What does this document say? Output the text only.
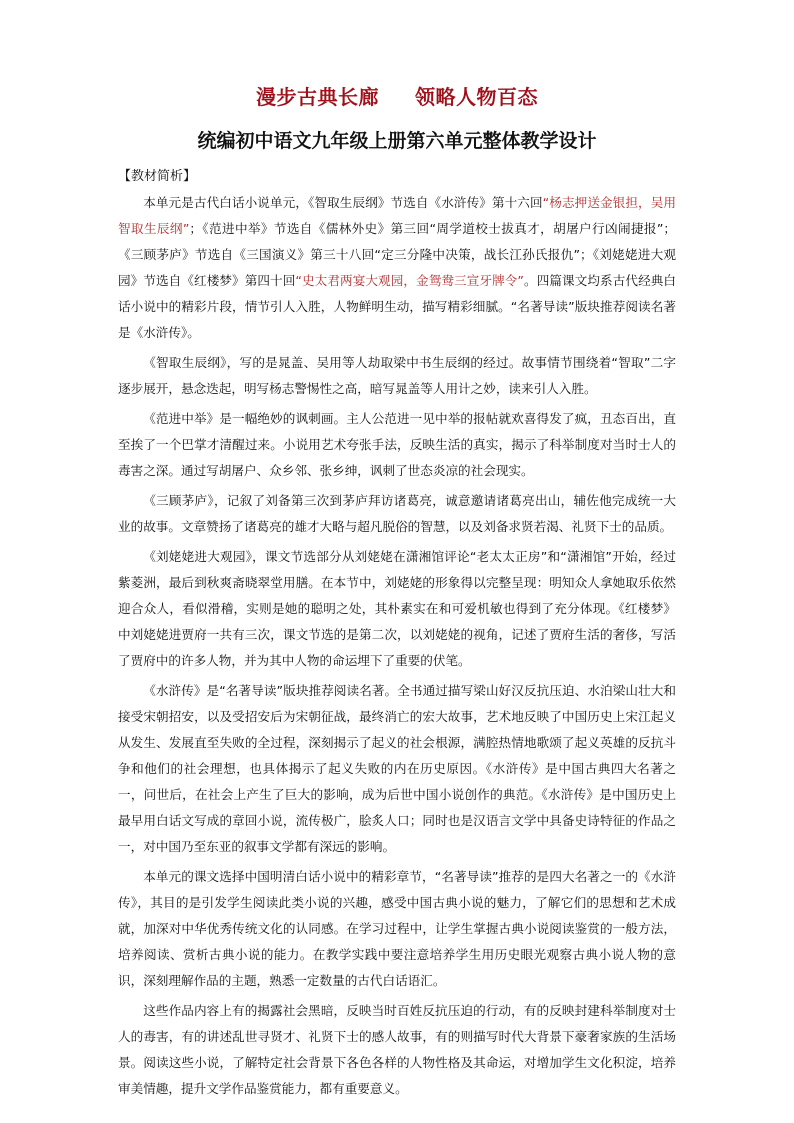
漫步古典长廊 领略人物百态
统编初中语文九年级上册第六单元整体教学设计
【教材简析】

本单元是古代白话小说单元，《智取生辰纲》节选自《水浒传》第十六回“杨志押送金银担，吴用智取生辰纲”；《范进中举》节选自《儒林外史》第三回“周学道校士拔真才，胡屠户行凶闹捷报”；《三顾茅庐》节选自《三国演义》第三十八回“定三分隆中决策，战长江孙氏报仇”；《刘姥姥进大观园》节选自《红楼梦》第四十回“史太君两宴大观园，金鸳鸯三宣牙牌令”。四篇课文均系古代经典白话小说中的精彩片段，情节引人入胜，人物鲜明生动，描写精彩细腻。“名著导读”版块推荐阅读名著是《水浒传》。

《智取生辰纲》，写的是晁盖、吴用等人劫取梁中书生辰纲的经过。故事情节围绕着“智取”二字逐步展开，悬念迭起，明写杨志警惕性之高，暗写晁盖等人用计之妙，读来引人入胜。

《范进中举》是一幅绝妙的讽刺画。主人公范进一见中举的报帖就欢喜得发了疯，丑态百出，直至挨了一个巴掌才清醒过来。小说用艺术夸张手法，反映生活的真实，揭示了科举制度对当时士人的毒害之深。通过写胡屠户、众乡邻、张乡绅，讽刺了世态炎凉的社会现实。

《三顾茅庐》，记叙了刘备第三次到茅庐拜访诸葛亮，诚意邀请诸葛亮出山，辅佐他完成统一大业的故事。文章赞扬了诸葛亮的雄才大略与超凡脱俗的智慧，以及刘备求贤若渴、礼贤下士的品质。

《刘姥姥进大观园》，课文节选部分从刘姥姥在潇湘馆评论“老太太正房”和“潇湘馆”开始，经过紫菱洲，最后到秋爽斋晓翠堂用膳。在本节中，刘姥姥的形象得以完整呈现：明知众人拿她取乐依然迎合众人，看似滑稽，实则是她的聪明之处，其朴素实在和可爱机敏也得到了充分体现。《红楼梦》中刘姥姥进贾府一共有三次，课文节选的是第二次，以刘姥姥的视角，记述了贾府生活的奢侈，写活了贾府中的许多人物，并为其中人物的命运埋下了重要的伏笔。

《水浒传》是“名著导读”版块推荐阅读名著。全书通过描写梁山好汉反抗压迫、水泊梁山壮大和接受宋朝招安，以及受招安后为宋朝征战，最终消亡的宏大故事，艺术地反映了中国历史上宋江起义从发生、发展直至失败的全过程，深刻揭示了起义的社会根源，满腔热情地歌颂了起义英雄的反抗斗争和他们的社会理想，也具体揭示了起义失败的内在历史原因。《水浒传》是中国古典四大名著之一，问世后，在社会上产生了巨大的影响，成为后世中国小说创作的典范。《水浒传》是中国历史上最早用白话文写成的章回小说，流传极广，脍炙人口；同时也是汉语言文学中具备史诗特征的作品之一，对中国乃至东亚的叙事文学都有深远的影响。

本单元的课文选择中国明清白话小说中的精彩章节，“名著导读”推荐的是四大名著之一的《水浒传》，其目的是引发学生阅读此类小说的兴趣，感受中国古典小说的魅力，了解它们的思想和艺术成就，加深对中华优秀传统文化的认同感。在学习过程中，让学生掌握古典小说阅读鉴赏的一般方法，培养阅读、赏析古典小说的能力。在教学实践中要注意培养学生用历史眼光观察古典小说人物的意识，深刻理解作品的主题，熟悉一定数量的古代白话语汇。

这些作品内容上有的揭露社会黑暗，反映当时百姓反抗压迫的行动，有的反映封建科举制度对士人的毒害，有的讲述乱世寻贤才、礼贤下士的感人故事，有的则描写时代大背景下豪奢家族的生活场景。阅读这些小说，了解特定社会背景下各色各样的人物性格及其命运，对增加学生文化积淀，培养审美情趣，提升文学作品鉴赏能力，都有重要意义。
